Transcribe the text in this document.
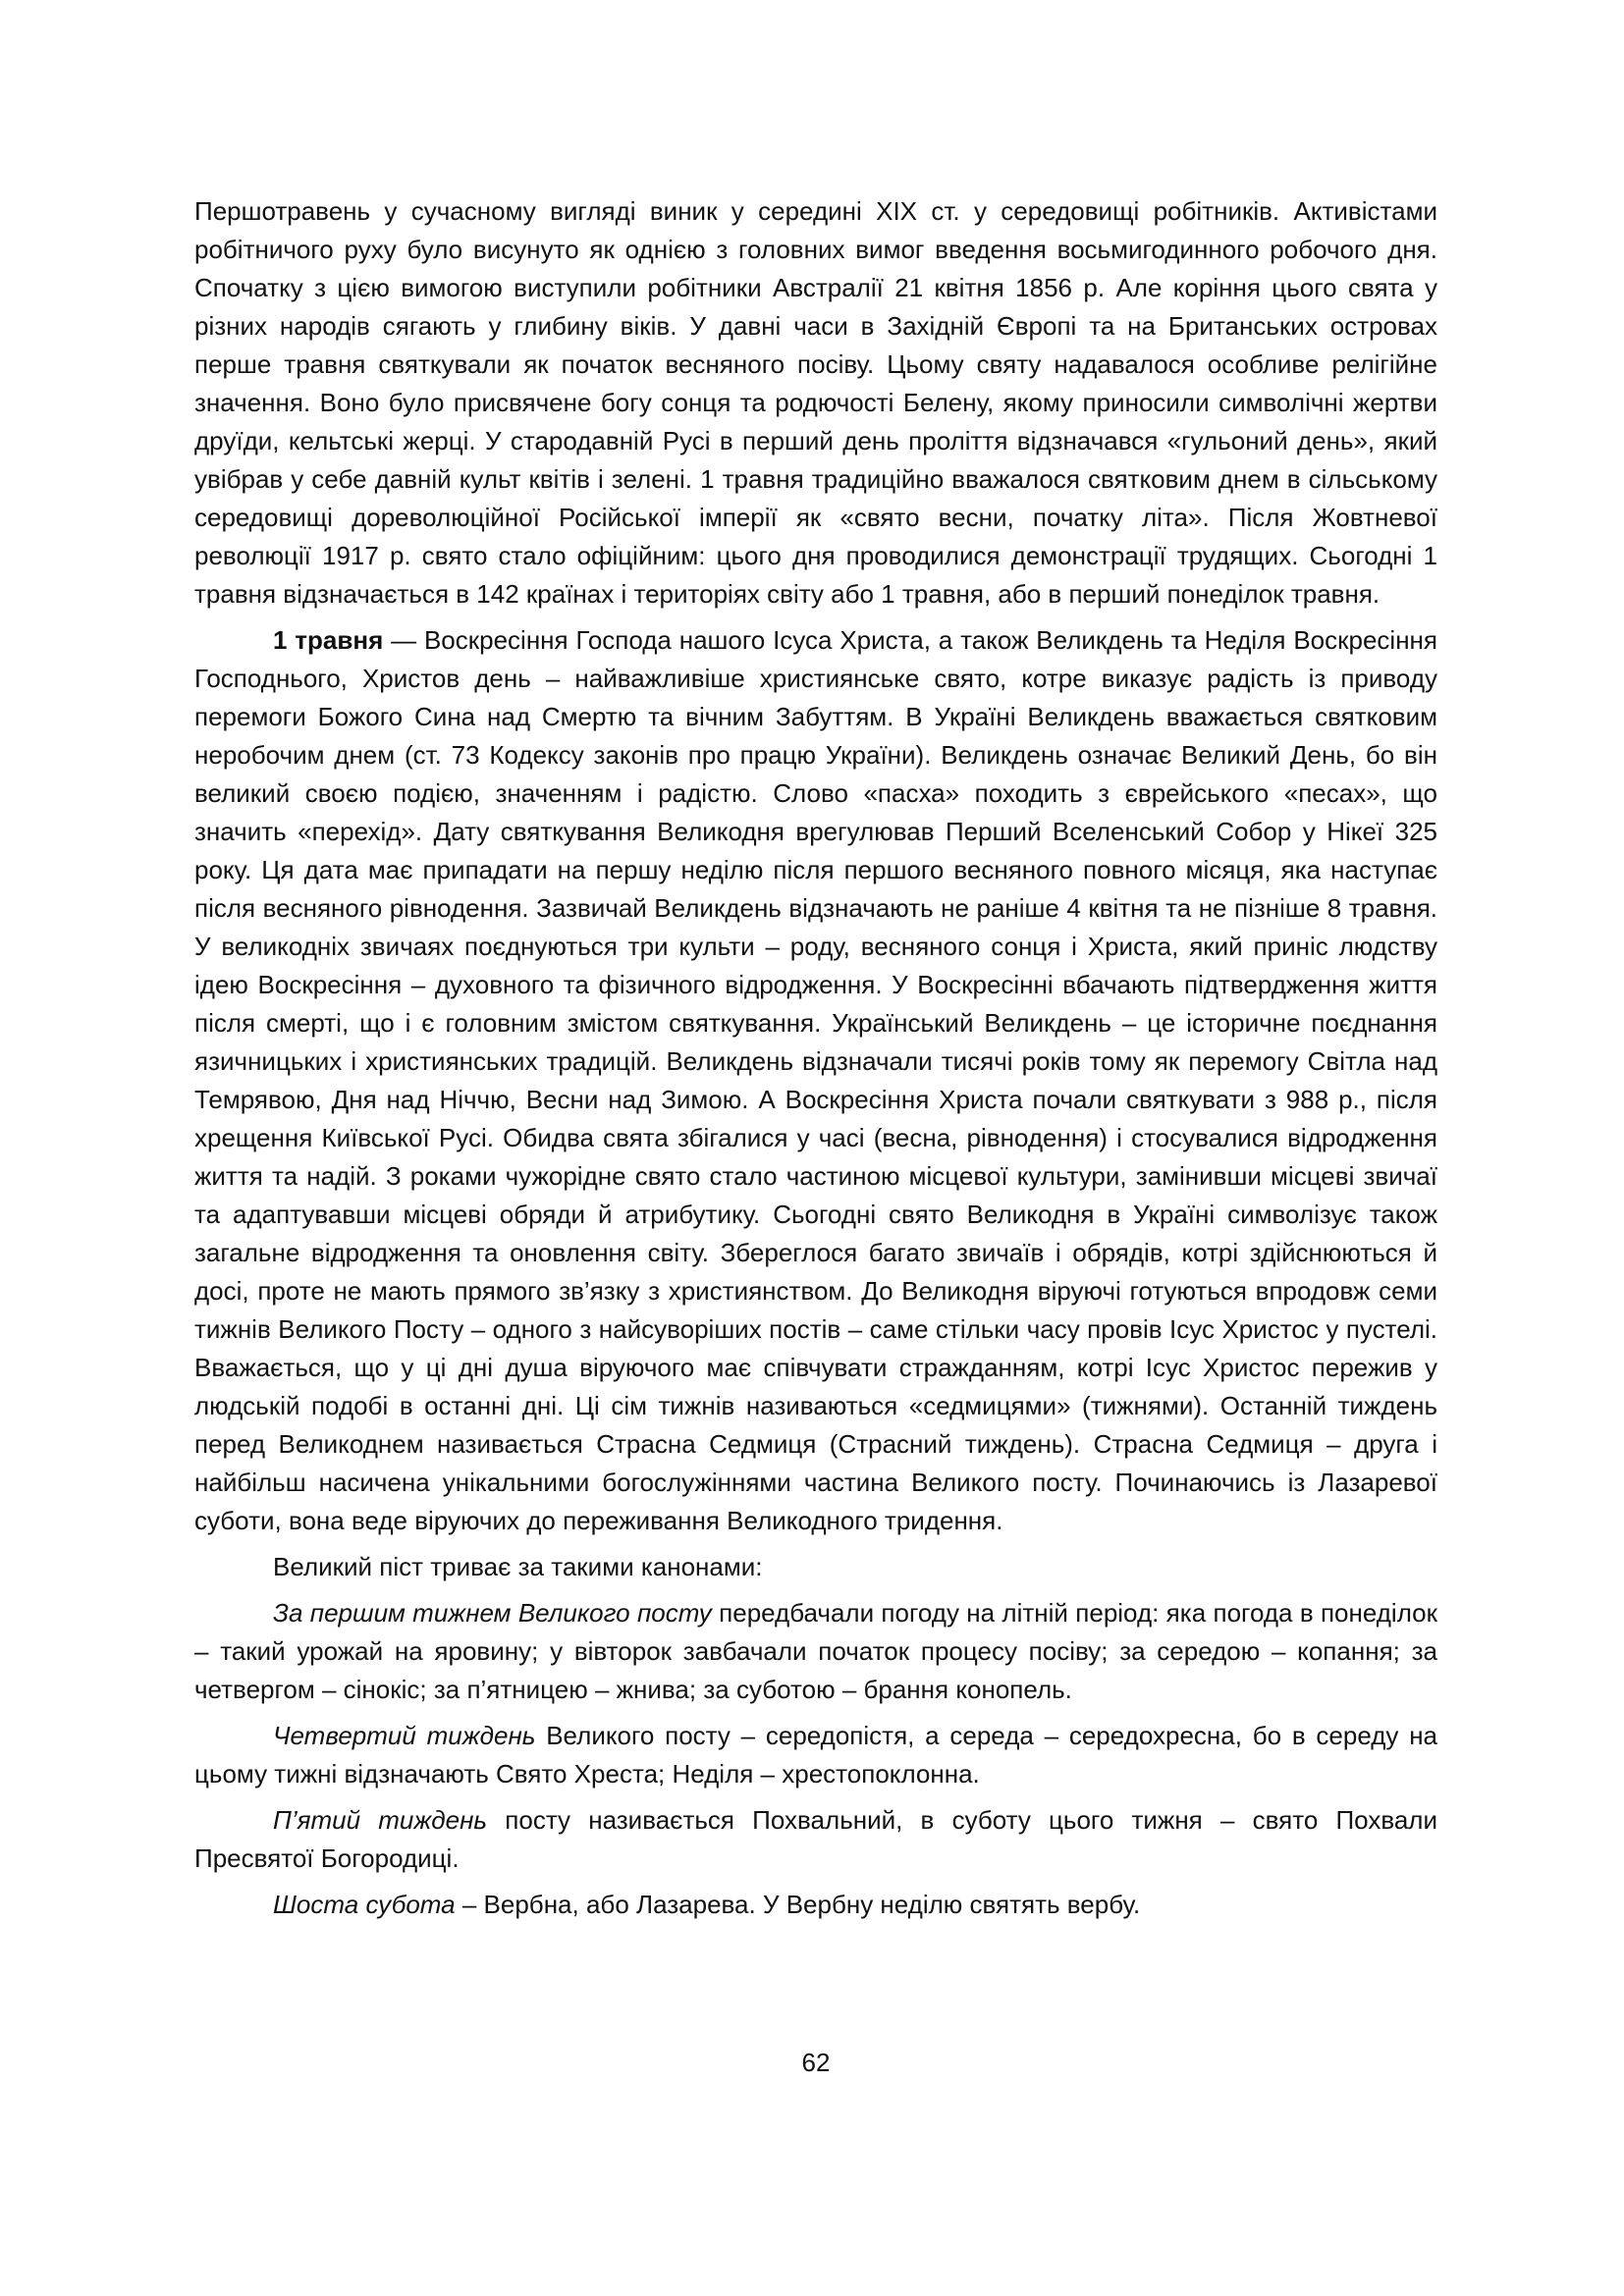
Першотравень у сучасному вигляді виник у середині XIX ст. у середовищі робітників. Активістами робітничого руху було висунуто як однією з головних вимог введення восьмигодинного робочого дня. Спочатку з цією вимогою виступили робітники Австралії 21 квітня 1856 р. Але коріння цього свята у різних народів сягають у глибину віків. У давні часи в Західній Європі та на Британських островах перше травня святкували як початок весняного посіву. Цьому святу надавалося особливе релігійне значення. Воно було присвячене богу сонця та родючості Белену, якому приносили символічні жертви друїди, кельтські жерці. У стародавній Русі в перший день проліття відзначався «гульоний день», який увібрав у себе давній культ квітів і зелені. 1 травня традиційно вважалося святковим днем в сільському середовищі дореволюційної Російської імперії як «свято весни, початку літа». Після Жовтневої революції 1917 р. свято стало офіційним: цього дня проводилися демонстрації трудящих. Сьогодні 1 травня відзначається в 142 країнах і територіях світу або 1 травня, або в перший понеділок травня.

1 травня — Воскресіння Господа нашого Ісуса Христа, а також Великдень та Неділя Воскресіння Господнього, Христов день – найважливіше християнське свято, котре виказує радість із приводу перемоги Божого Сина над Смертю та вічним Забуттям. В Україні Великдень вважається святковим неробочим днем (ст. 73 Кодексу законів про працю України). Великдень означає Великий День, бо він великий своєю подією, значенням і радістю. Слово «пасха» походить з єврейського «песах», що значить «перехід». Дату святкування Великодня врегулював Перший Вселенський Собор у Нікеї 325 року. Ця дата має припадати на першу неділю після першого весняного повного місяця, яка наступає після весняного рівнодення. Зазвичай Великдень відзначають не раніше 4 квітня та не пізніше 8 травня. У великодніх звичаях поєднуються три культи – роду, весняного сонця і Христа, який приніс людству ідею Воскресіння – духовного та фізичного відродження. У Воскресінні вбачають підтвердження життя після смерті, що і є головним змістом святкування. Український Великдень – це історичне поєднання язичницьких і християнських традицій. Великдень відзначали тисячі років тому як перемогу Світла над Темрявою, Дня над Ніччю, Весни над Зимою. А Воскресіння Христа почали святкувати з 988 р., після хрещення Київської Русі. Обидва свята збігалися у часі (весна, рівнодення) і стосувалися відродження життя та надій. З роками чужорідне свято стало частиною місцевої культури, замінивши місцеві звичаї та адаптувавши місцеві обряди й атрибутику. Сьогодні свято Великодня в Україні символізує також загальне відродження та оновлення світу. Збереглося багато звичаїв і обрядів, котрі здійснюються й досі, проте не мають прямого зв’язку з християнством. До Великодня віруючі готуються впродовж семи тижнів Великого Посту – одного з найсуворіших постів – саме стільки часу провів Ісус Христос у пустелі. Вважається, що у ці дні душа віруючого має співчувати стражданням, котрі Ісус Христос пережив у людській подобі в останні дні. Ці сім тижнів називаються «седмицями» (тижнями). Останній тиждень перед Великоднем називається Страсна Седмиця (Страсний тиждень). Страсна Седмиця – друга і найбільш насичена унікальними богослужіннями частина Великого посту. Починаючись із Лазаревої суботи, вона веде віруючих до переживання Великодного тридення.

Великий піст триває за такими канонами:

За першим тижнем Великого посту передбачали погоду на літній період: яка погода в понеділок – такий урожай на яровину; у вівторок завбачали початок процесу посіву; за середою – копання; за четвергом – сінокіс; за п’ятницею – жнива; за суботою – брання конопель.

Четвертий тиждень Великого посту – середопістя, а середа – середохресна, бо в середу на цьому тижні відзначають Свято Хреста; Неділя – хрестопоклонна.

П’ятий тиждень посту називається Похвальний, в суботу цього тижня – свято Похвали Пресвятої Богородиці.

Шоста субота – Вербна, або Лазарева. У Вербну неділю святять вербу.

62
